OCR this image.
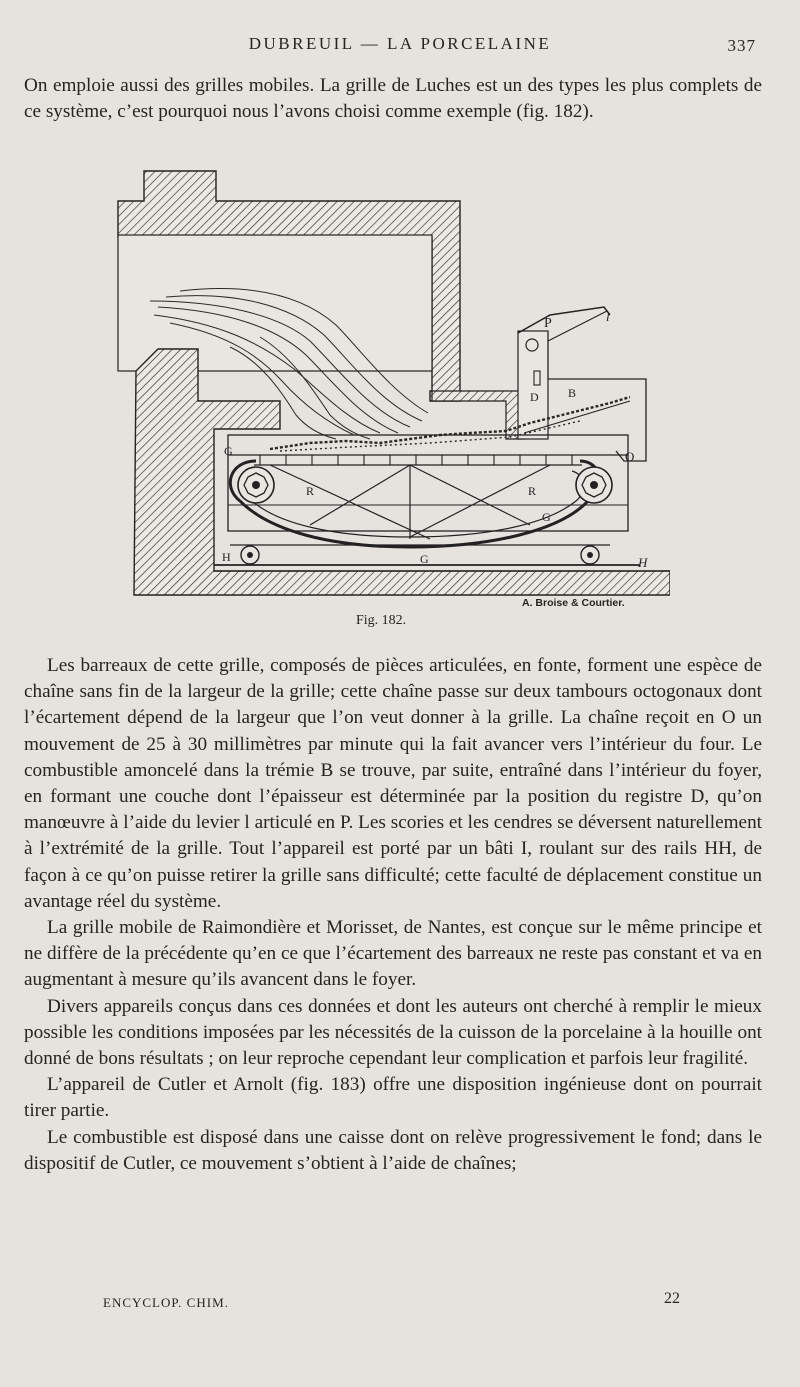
DUBREUIL — LA PORCELAINE	337

On emploie aussi des grilles mobiles. La grille de Luches est un des types les plus complets de ce système, c’est pourquoi nous l’avons choisi comme exemple (fig. 182).

P	l
D B
O
G
R	R
G
H	G	H
A. Broise & Courtier.
Fig. 182.

Les barreaux de cette grille, composés de pièces articulées, en fonte, forment une espèce de chaîne sans fin de la largeur de la grille; cette chaîne passe sur deux tambours octogonaux dont l’écartement dépend de la largeur que l’on veut donner à la grille. La chaîne reçoit en O un mouvement de 25 à 30 millimètres par minute qui la fait avancer vers l’intérieur du four. Le combustible amoncelé dans la trémie B se trouve, par suite, entraîné dans l’intérieur du foyer, en formant une couche dont l’épaisseur est déterminée par la position du registre D, qu’on manœuvre à l’aide du levier l articulé en P. Les scories et les cendres se déversent naturellement à l’extrémité de la grille. Tout l’appareil est porté par un bâti I, roulant sur des rails HH, de façon à ce qu’on puisse retirer la grille sans difficulté; cette faculté de déplacement constitue un avantage réel du système.

La grille mobile de Raimondière et Morisset, de Nantes, est conçue sur le même principe et ne diffère de la précédente qu’en ce que l’écartement des barreaux ne reste pas constant et va en augmentant à mesure qu’ils avancent dans le foyer.

Divers appareils conçus dans ces données et dont les auteurs ont cherché à remplir le mieux possible les conditions imposées par les nécessités de la cuisson de la porcelaine à la houille ont donné de bons résultats ; on leur reproche cependant leur complication et parfois leur fragilité.

L’appareil de Cutler et Arnolt (fig. 183) offre une disposition ingénieuse dont on pourrait tirer partie.

Le combustible est disposé dans une caisse dont on relève progressivement le fond; dans le dispositif de Cutler, ce mouvement s’obtient à l’aide de chaînes;

ENCYCLOP. CHIM.	22
